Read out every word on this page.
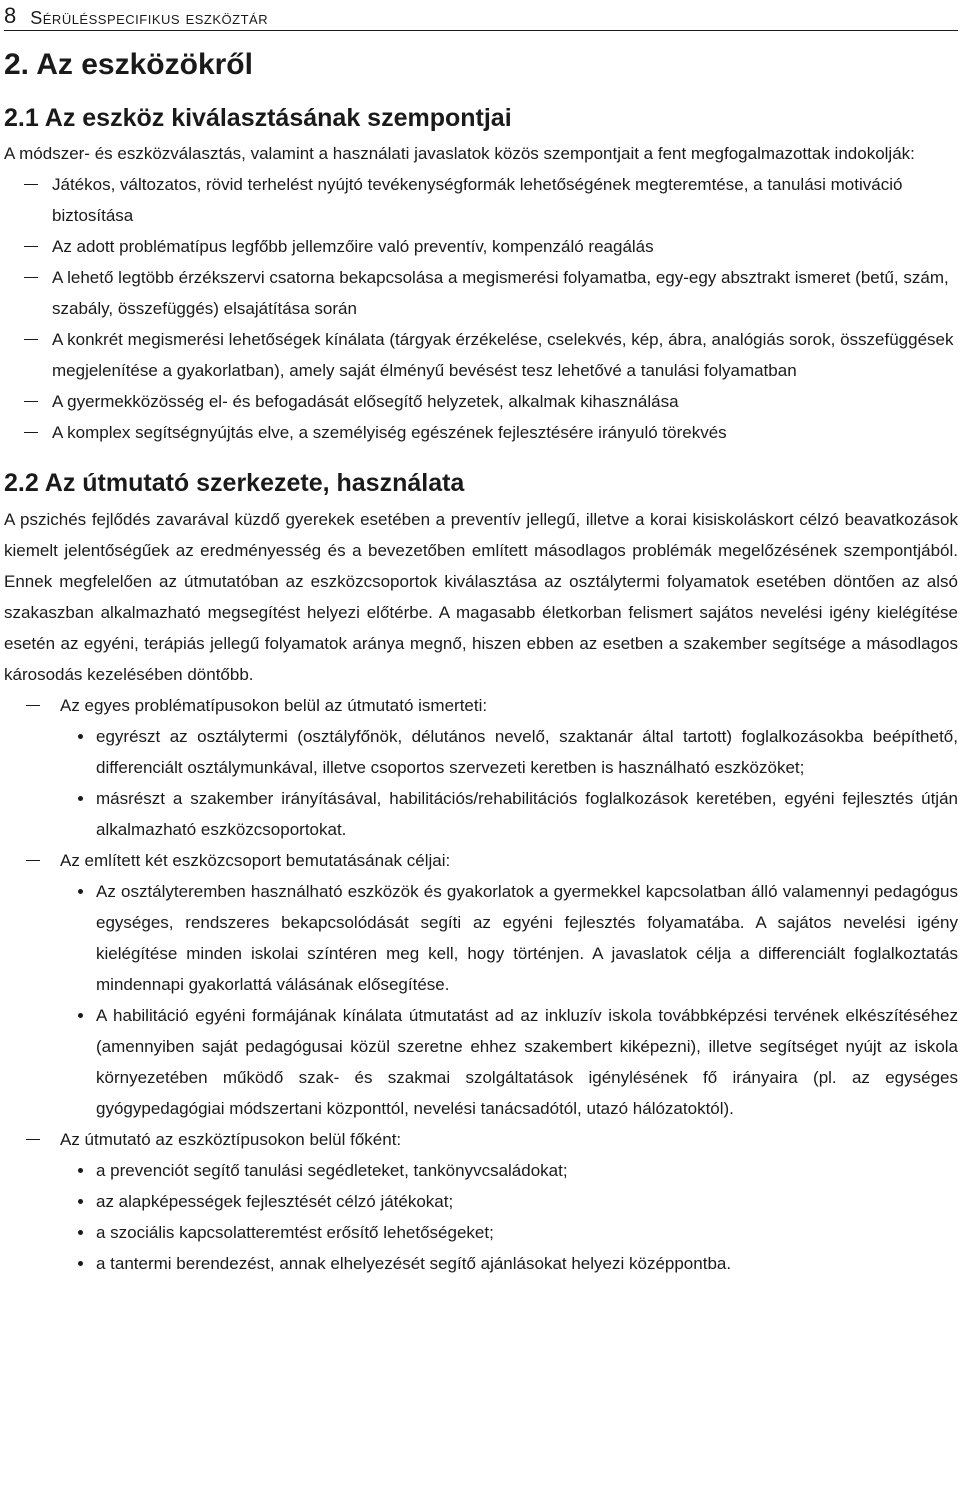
8 Sérülésspecifikus eszköztár
2. Az eszközökről
2.1 Az eszköz kiválasztásának szempontjai

A módszer- és eszközválasztás, valamint a használati javaslatok közös szempontjait a fent megfogalmazottak indokolják:

Játékos, változatos, rövid terhelést nyújtó tevékenységformák lehetőségének megteremtése, a tanulási motiváció biztosítása
Az adott problématípus legfőbb jellemzőire való preventív, kompenzáló reagálás
A lehető legtöbb érzékszervi csatorna bekapcsolása a megismerési folyamatba, egy-egy absztrakt ismeret (betű, szám, szabály, összefüggés) elsajátítása során
A konkrét megismerési lehetőségek kínálata (tárgyak érzékelése, cselekvés, kép, ábra, analógiás sorok, összefüggések megjelenítése a gyakorlatban), amely saját élményű bevésést tesz lehetővé a tanulási folyamatban
A gyermekközösség el- és befogadását elősegítő helyzetek, alkalmak kihasználása
A komplex segítségnyújtás elve, a személyiség egészének fejlesztésére irányuló törekvés
2.2 Az útmutató szerkezete, használata

A pszichés fejlődés zavarával küzdő gyerekek esetében a preventív jellegű, illetve a korai kisiskoláskort célzó beavatkozások kiemelt jelentőségűek az eredményesség és a bevezetőben említett másodlagos problémák megelőzésének szempontjából. Ennek megfelelően az útmutatóban az eszközcsoportok kiválasztása az osztálytermi folyamatok esetében döntően az alsó szakaszban alkalmazható megsegítést helyezi előtérbe. A magasabb életkorban felismert sajátos nevelési igény kielégítése esetén az egyéni, terápiás jellegű folyamatok aránya megnő, hiszen ebben az esetben a szakember segítsége a másodlagos károsodás kezelésében döntőbb.

Az egyes problématípusokon belül az útmutató ismerteti:
egyrészt az osztálytermi (osztályfőnök, délutános nevelő, szaktanár által tartott) foglalkozásokba beépíthető, differenciált osztálymunkával, illetve csoportos szervezeti keretben is használható eszközöket;
másrészt a szakember irányításával, habilitációs/rehabilitációs foglalkozások keretében, egyéni fejlesztés útján alkalmazható eszközcsoportokat.
Az említett két eszközcsoport bemutatásának céljai:
Az osztályteremben használható eszközök és gyakorlatok a gyermekkel kapcsolatban álló valamennyi pedagógus egységes, rendszeres bekapcsolódását segíti az egyéni fejlesztés folyamatába. A sajátos nevelési igény kielégítése minden iskolai színtéren meg kell, hogy történjen. A javaslatok célja a differenciált foglalkoztatás mindennapi gyakorlattá válásának elősegítése.
A habilitáció egyéni formájának kínálata útmutatást ad az inkluzív iskola továbbképzési tervének elkészítéséhez (amennyiben saját pedagógusai közül szeretne ehhez szakembert kiképezni), illetve segítséget nyújt az iskola környezetében működő szak- és szakmai szolgáltatások igénylésének fő irányaira (pl. az egységes gyógypedagógiai módszertani központtól, nevelési tanácsadótól, utazó hálózatoktól).
Az útmutató az eszköztípusokon belül főként:
a prevenciót segítő tanulási segédleteket, tankönyvcsaládokat;
az alapképességek fejlesztését célzó játékokat;
a szociális kapcsolatteremtést erősítő lehetőségeket;
a tantermi berendezést, annak elhelyezését segítő ajánlásokat helyezi középpontba.
